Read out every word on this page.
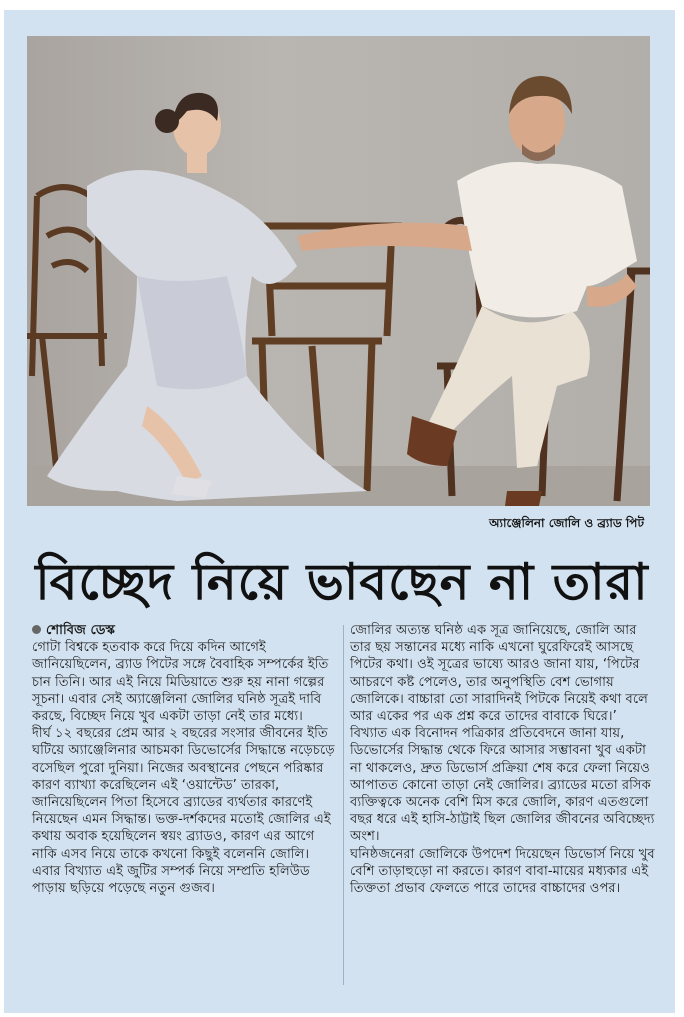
অ্যাঞ্জেলিনা জোলি ও ব্র্যাড পিট
বিচ্ছেদ নিয়ে ভাবছেন না তারা

শোবিজ ডেস্ক

গোটা বিশ্বকে হতবাক করে দিয়ে কদিন আগেই জানিয়েছিলেন, ব্র্যাড পিটের সঙ্গে বৈবাহিক সম্পর্কের ইতি চান তিনি। আর এই নিয়ে মিডিয়াতে শুরু হয় নানা গল্পের সূচনা। এবার সেই অ্যাঞ্জেলিনা জোলির ঘনিষ্ঠ সূত্রই দাবি করছে, বিচ্ছেদ নিয়ে খুব একটা তাড়া নেই তার মধ্যে।

দীর্ঘ ১২ বছরের প্রেম আর ২ বছরের সংসার জীবনের ইতি ঘটিয়ে অ্যাঞ্জেলিনার আচমকা ডিভোর্সের সিদ্ধান্তে নড়েচড়ে বসেছিল পুরো দুনিয়া। নিজের অবস্থানের পেছনে পরিষ্কার কারণ ব্যাখ্যা করেছিলেন এই ‘ওয়ান্টেড’ তারকা, জানিয়েছিলেন পিতা হিসেবে ব্র্যাডের ব্যর্থতার কারণেই নিয়েছেন এমন সিদ্ধান্ত। ভক্ত-দর্শকদের মতোই জোলির এই কথায় অবাক হয়েছিলেন স্বয়ং ব্র্যাডও, কারণ এর আগে নাকি এসব নিয়ে তাকে কখনো কিছুই বলেননি জোলি।

এবার বিখ্যাত এই জুটির সম্পর্ক নিয়ে সম্প্রতি হলিউড পাড়ায় ছড়িয়ে পড়েছে নতুন গুজব।

জোলির অত্যন্ত ঘনিষ্ঠ এক সূত্র জানিয়েছে, জোলি আর তার ছয় সন্তানের মধ্যে নাকি এখনো ঘুরেফিরেই আসছে পিটের কথা। ওই সূত্রের ভাষ্যে আরও জানা যায়, ‘পিটের আচরণে কষ্ট পেলেও, তার অনুপস্থিতি বেশ ভোগায় জোলিকে। বাচ্চারা তো সারাদিনই পিটকে নিয়েই কথা বলে আর একের পর এক প্রশ্ন করে তাদের বাবাকে ঘিরে।’

বিখ্যাত এক বিনোদন পত্রিকার প্রতিবেদনে জানা যায়, ডিভোর্সের সিদ্ধান্ত থেকে ফিরে আসার সম্ভাবনা খুব একটা না থাকলেও, দ্রুত ডিভোর্স প্রক্রিয়া শেষ করে ফেলা নিয়েও আপাতত কোনো তাড়া নেই জোলির। ব্র্যাডের মতো রসিক ব্যক্তিত্বকে অনেক বেশি মিস করে জোলি, কারণ এতগুলো বছর ধরে এই হাসি-ঠাট্টাই ছিল জোলির জীবনের অবিচ্ছেদ্য অংশ।

ঘনিষ্ঠজনেরা জোলিকে উপদেশ দিয়েছেন ডিভোর্স নিয়ে খুব বেশি তাড়াহুড়ো না করতে। কারণ বাবা-মায়ের মধ্যকার এই তিক্ততা প্রভাব ফেলতে পারে তাদের বাচ্চাদের ওপর।
